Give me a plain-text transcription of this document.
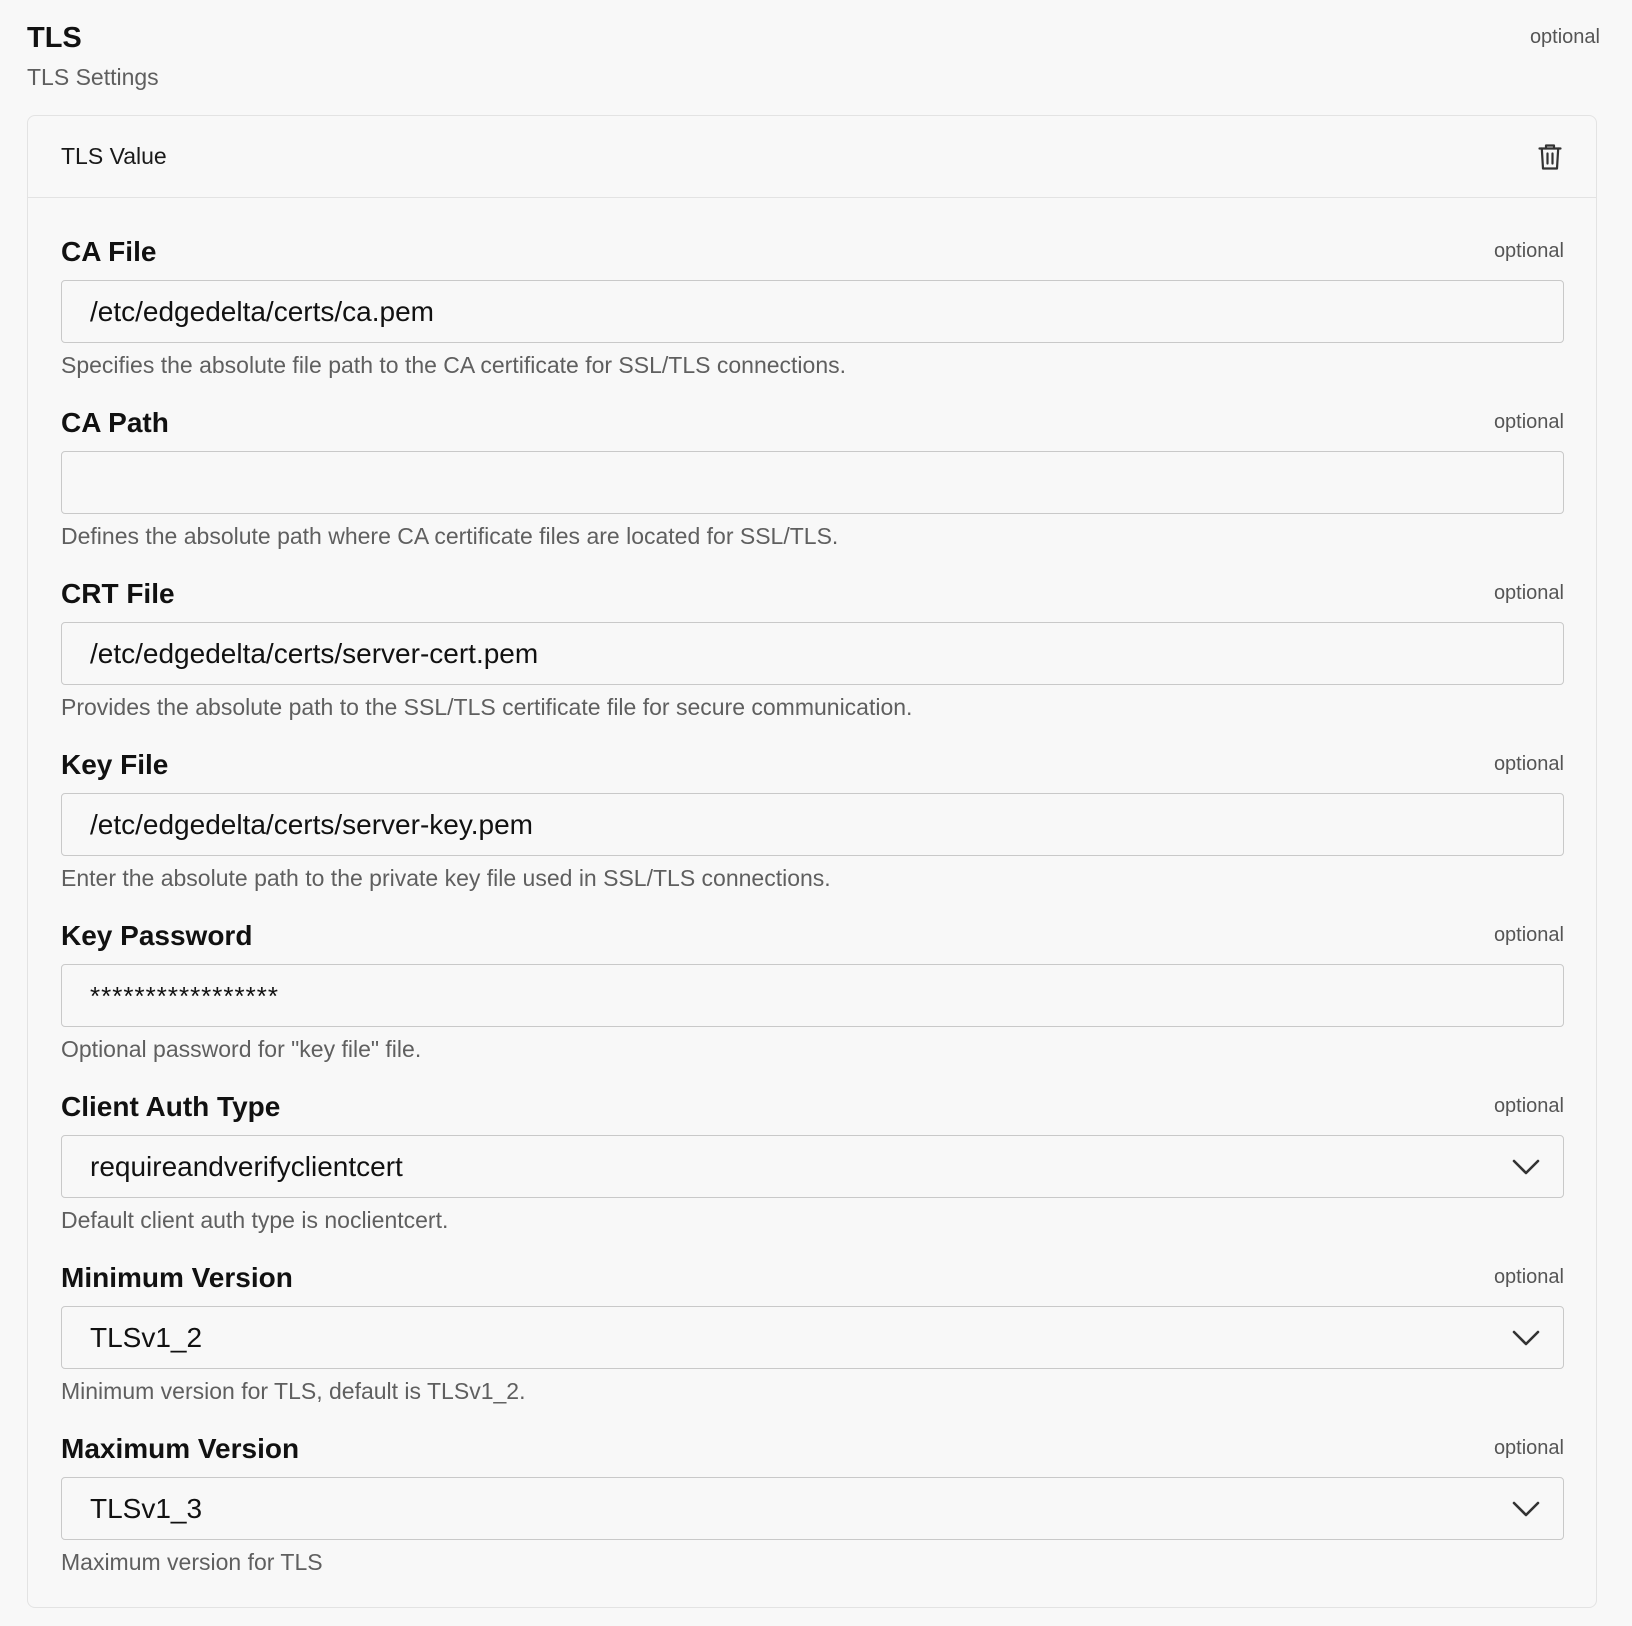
TLS
TLS Settings
optional
TLS Value
CA File	optional
/etc/edgedelta/certs/ca.pem
Specifies the absolute file path to the CA certificate for SSL/TLS connections.
CA Path	optional
Defines the absolute path where CA certificate files are located for SSL/TLS.
CRT File	optional
/etc/edgedelta/certs/server-cert.pem
Provides the absolute path to the SSL/TLS certificate file for secure communication.
Key File	optional
/etc/edgedelta/certs/server-key.pem
Enter the absolute path to the private key file used in SSL/TLS connections.
Key Password	optional
*****************
Optional password for "key file" file.
Client Auth Type	optional
requireandverifyclientcert
Default client auth type is noclientcert.
Minimum Version	optional
TLSv1_2
Minimum version for TLS, default is TLSv1_2.
Maximum Version	optional
TLSv1_3
Maximum version for TLS
